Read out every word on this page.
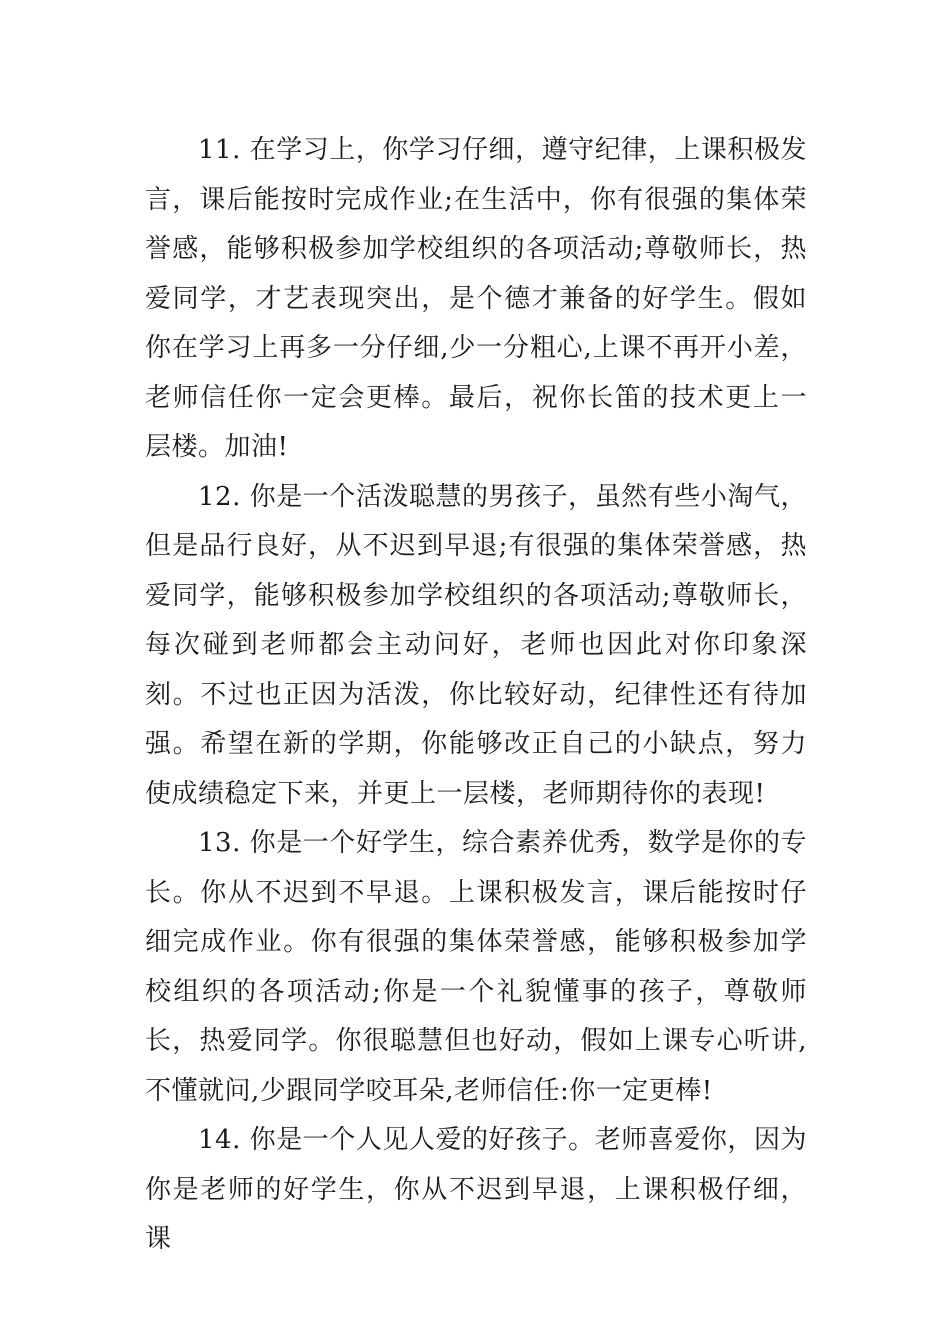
11. 在学习上，你学习仔细，遵守纪律，上课积极发言，课后能按时完成作业;在生活中，你有很强的集体荣誉感，能够积极参加学校组织的各项活动;尊敬师长，热爱同学，才艺表现突出，是个德才兼备的好学生。假如你在学习上再多一分仔细,少一分粗心,上课不再开小差，老师信任你一定会更棒。最后，祝你长笛的技术更上一层楼。加油!

12. 你是一个活泼聪慧的男孩子，虽然有些小淘气，但是品行良好，从不迟到早退;有很强的集体荣誉感，热爱同学，能够积极参加学校组织的各项活动;尊敬师长，每次碰到老师都会主动问好，老师也因此对你印象深刻。不过也正因为活泼，你比较好动，纪律性还有待加强。希望在新的学期，你能够改正自己的小缺点，努力使成绩稳定下来，并更上一层楼，老师期待你的表现!

13. 你是一个好学生，综合素养优秀，数学是你的专长。你从不迟到不早退。上课积极发言，课后能按时仔细完成作业。你有很强的集体荣誉感，能够积极参加学校组织的各项活动;你是一个礼貌懂事的孩子，尊敬师长，热爱同学。你很聪慧但也好动，假如上课专心听讲,不懂就问,少跟同学咬耳朵,老师信任:你一定更棒!

14. 你是一个人见人爱的好孩子。老师喜爱你，因为你是老师的好学生，你从不迟到早退，上课积极仔细，课
